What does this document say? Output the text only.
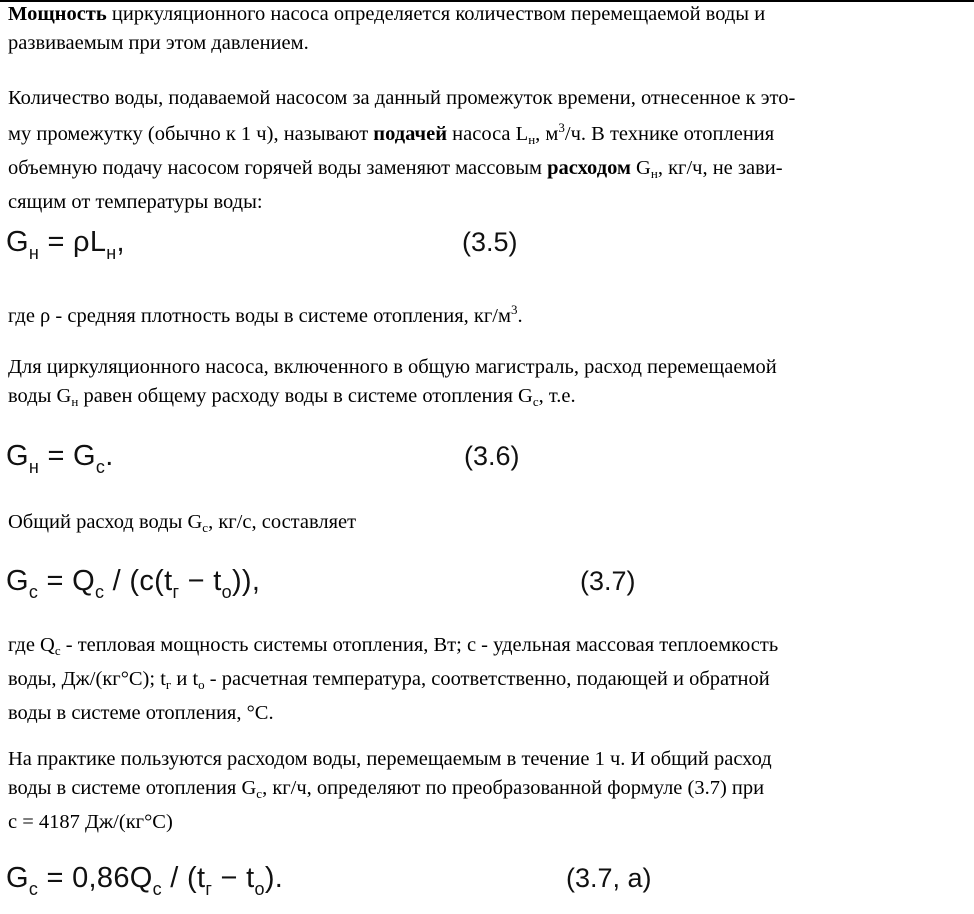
Мощность циркуляционного насоса определяется количеством перемещаемой воды и
развиваемым при этом давлением.
Количество воды, подаваемой насосом за данный промежуток времени, отнесенное к это-
му промежутку (обычно к 1 ч), называют подачей насоса $L_н$, $м^3/ч$. В технике отопления
объемную подачу насосом горячей воды заменяют массовым расходом $G_н$, кг/ч, не зави-
сящим от температуры воды:
$G_н = \rho L_н$,	(3.5)
где ρ - средняя плотность воды в системе отопления, $кг/м^3$.
Для циркуляционного насоса, включенного в общую магистраль, расход перемещаемой
воды $G_н$ равен общему расходу воды в системе отопления $G_с$, т.е.
$G_н = G_с$.	(3.6)
Общий расход воды $G_с$, кг/с, составляет
$G_с = Q_с / (c(t_г - t_о))$,	(3.7)
где $Q_с$ - тепловая мощность системы отопления, Вт; с - удельная массовая теплоемкость
воды, Дж/(кг°С); $t_г$ и $t_о$ - расчетная температура, соответственно, подающей и обратной
воды в системе отопления, °С.
На практике пользуются расходом воды, перемещаемым в течение 1 ч. И общий расход
воды в системе отопления $G_с$, кг/ч, определяют по преобразованной формуле (3.7) при
с = 4187 Дж/(кг°С)
$G_с = 0,86Q_с / (t_г - t_о)$.	(3.7, а)
